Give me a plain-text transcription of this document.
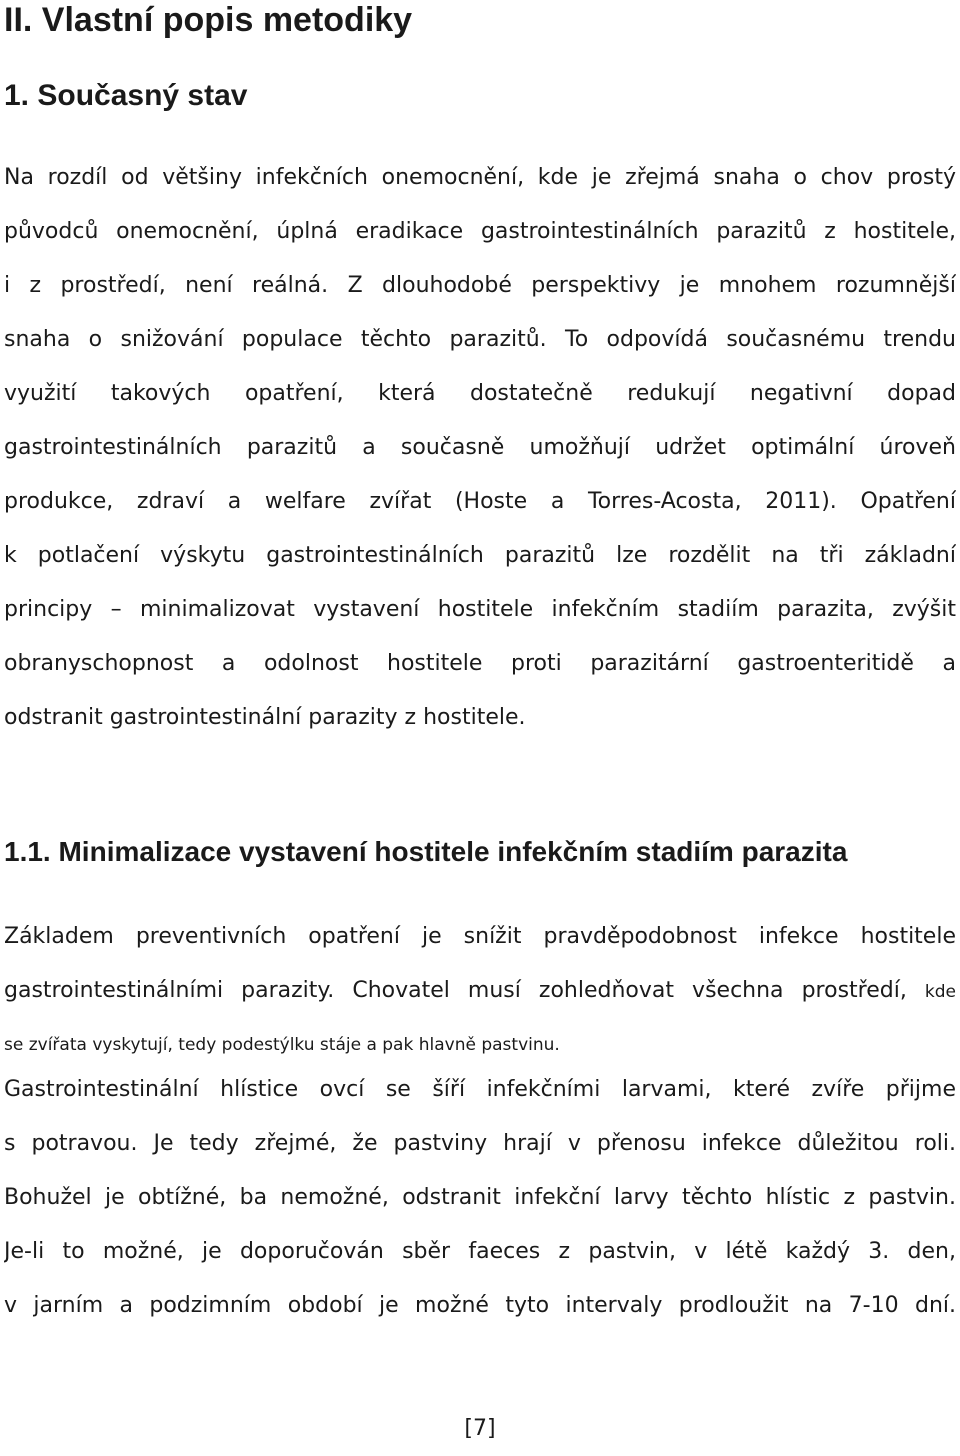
II. Vlastní popis metodiky
1. Současný stav
Na rozdíl od většiny infekčních onemocnění, kde je zřejmá snaha o chov prostý
původců onemocnění, úplná eradikace gastrointestinálních parazitů z hostitele,
i z prostředí, není reálná. Z dlouhodobé perspektivy je mnohem rozumnější
snaha o snižování populace těchto parazitů. To odpovídá současnému trendu
využití takových opatření, která dostatečně redukují negativní dopad
gastrointestinálních parazitů a současně umožňují udržet optimální úroveň
produkce, zdraví a welfare zvířat (Hoste a Torres-Acosta, 2011). Opatření
k potlačení výskytu gastrointestinálních parazitů lze rozdělit na tři základní
principy – minimalizovat vystavení hostitele infekčním stadiím parazita, zvýšit
obranyschopnost a odolnost hostitele proti parazitární gastroenteritidě a
odstranit gastrointestinální parazity z hostitele.
1.1. Minimalizace vystavení hostitele infekčním stadiím parazita
Základem preventivních opatření je snížit pravděpodobnost infekce hostitele
gastrointestinálními parazity. Chovatel musí zohledňovat všechna prostředí, kde
se zvířata vyskytují, tedy podestýlku stáje a pak hlavně pastvinu.
Gastrointestinální hlístice ovcí se šíří infekčními larvami, které zvíře přijme
s potravou. Je tedy zřejmé, že pastviny hrají v přenosu infekce důležitou roli.
Bohužel je obtížné, ba nemožné, odstranit infekční larvy těchto hlístic z pastvin.
Je-li to možné, je doporučován sběr faeces z pastvin, v létě každý 3. den,
v jarním a podzimním období je možné tyto intervaly prodloužit na 7-10 dní.
[7]
